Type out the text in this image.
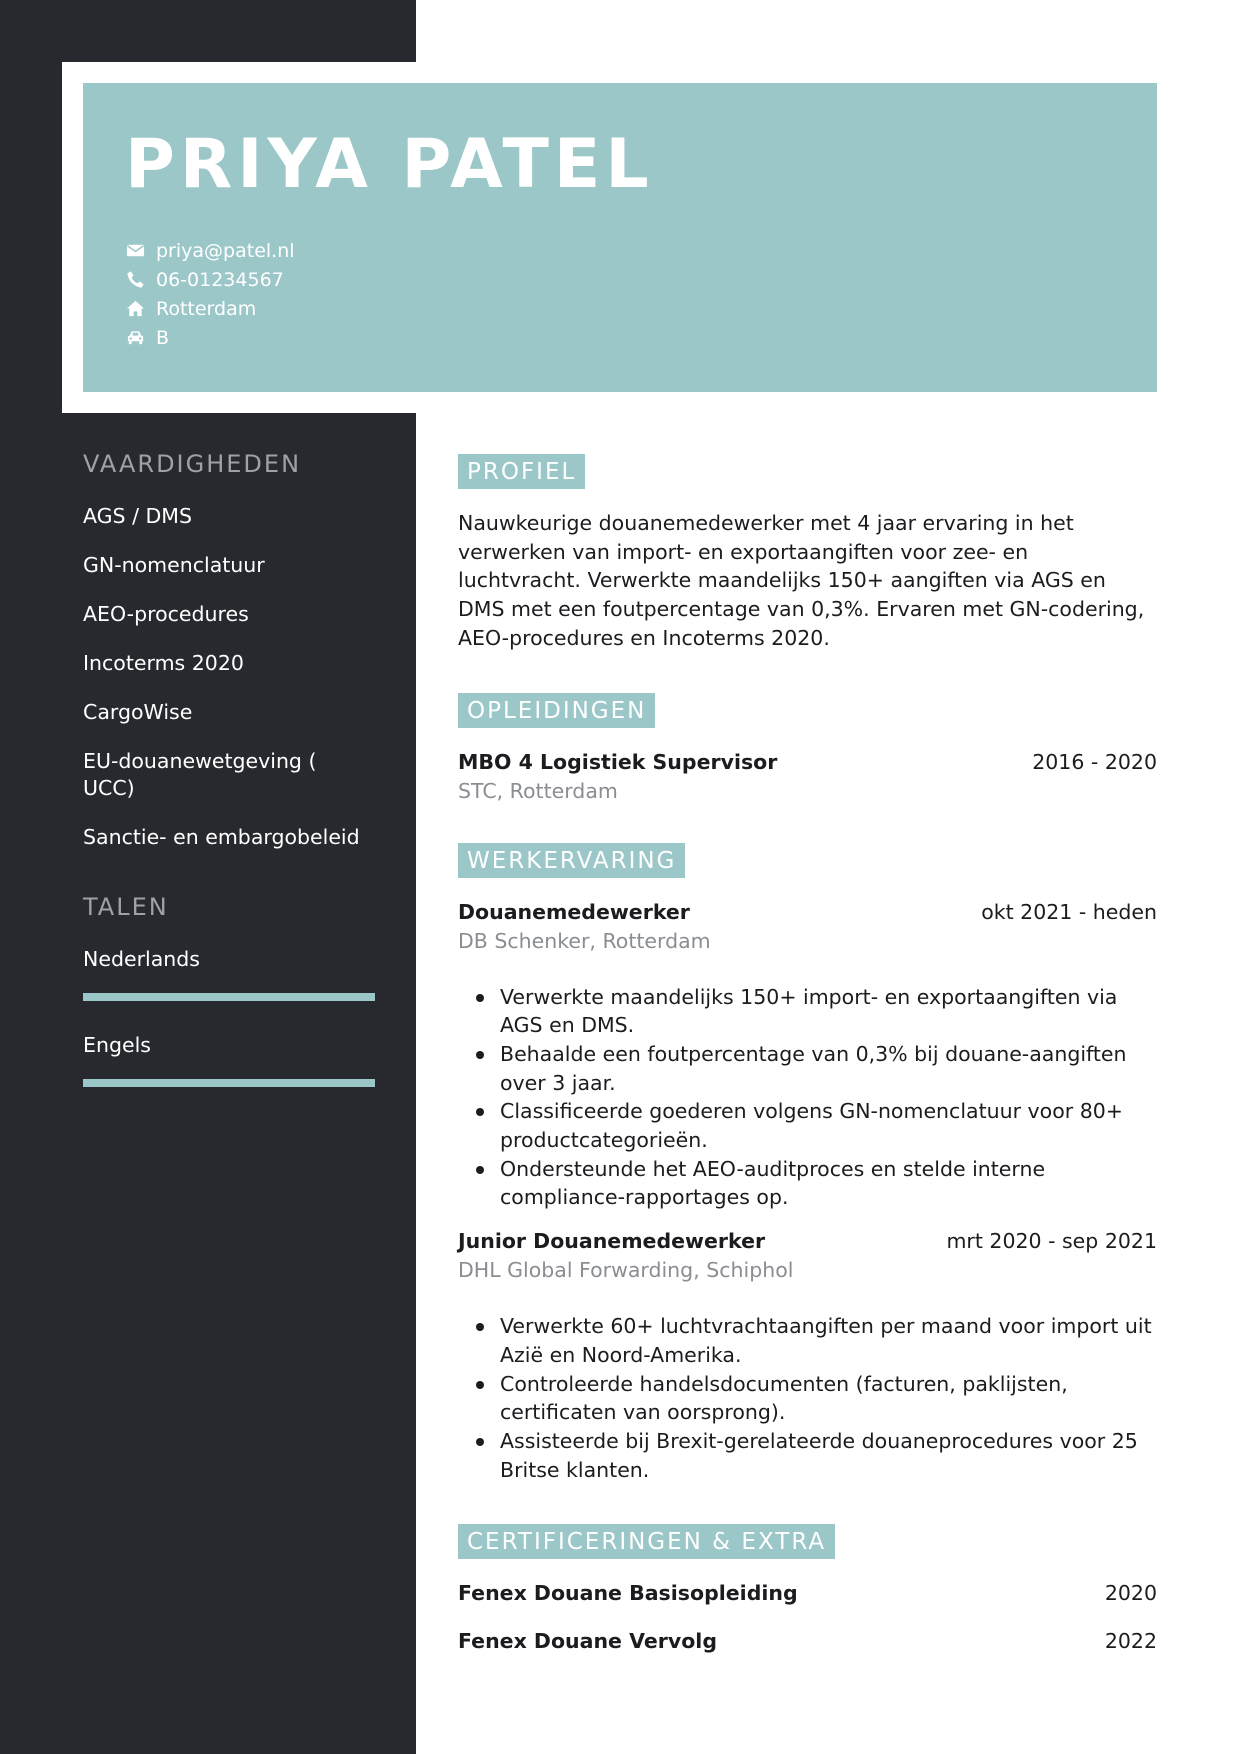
PRIYA PATEL
priya@patel.nl
06-01234567
Rotterdam
B
VAARDIGHEDEN
AGS / DMS
GN-nomenclatuur
AEO-procedures
Incoterms 2020
CargoWise
EU-douanewetgeving ( UCC)
Sanctie- en embargobeleid
TALEN
Nederlands
Engels
PROFIEL

Nauwkeurige douanemedewerker met 4 jaar ervaring in het verwerken van import- en exportaangiften voor zee- en luchtvracht. Verwerkte maandelijks 150+ aangiften via AGS en DMS met een foutpercentage van 0,3%. Ervaren met GN-codering, AEO-procedures en Incoterms 2020.

OPLEIDINGEN
MBO 4 Logistiek Supervisor	2016 - 2020
STC, Rotterdam
WERKERVARING
Douanemedewerker	okt 2021 - heden
DB Schenker, Rotterdam
Verwerkte maandelijks 150+ import- en exportaangiften via AGS en DMS.
Behaalde een foutpercentage van 0,3% bij douane-aangiften over 3 jaar.
Classificeerde goederen volgens GN-nomenclatuur voor 80+ productcategorieën.
Ondersteunde het AEO-auditproces en stelde interne compliance-rapportages op.
Junior Douanemedewerker	mrt 2020 - sep 2021
DHL Global Forwarding, Schiphol
Verwerkte 60+ luchtvrachtaangiften per maand voor import uit Azië en Noord-Amerika.
Controleerde handelsdocumenten (facturen, paklijsten, certificaten van oorsprong).
Assisteerde bij Brexit-gerelateerde douaneprocedures voor 25 Britse klanten.
CERTIFICERINGEN & EXTRA
Fenex Douane Basisopleiding	2020
Fenex Douane Vervolg	2022
